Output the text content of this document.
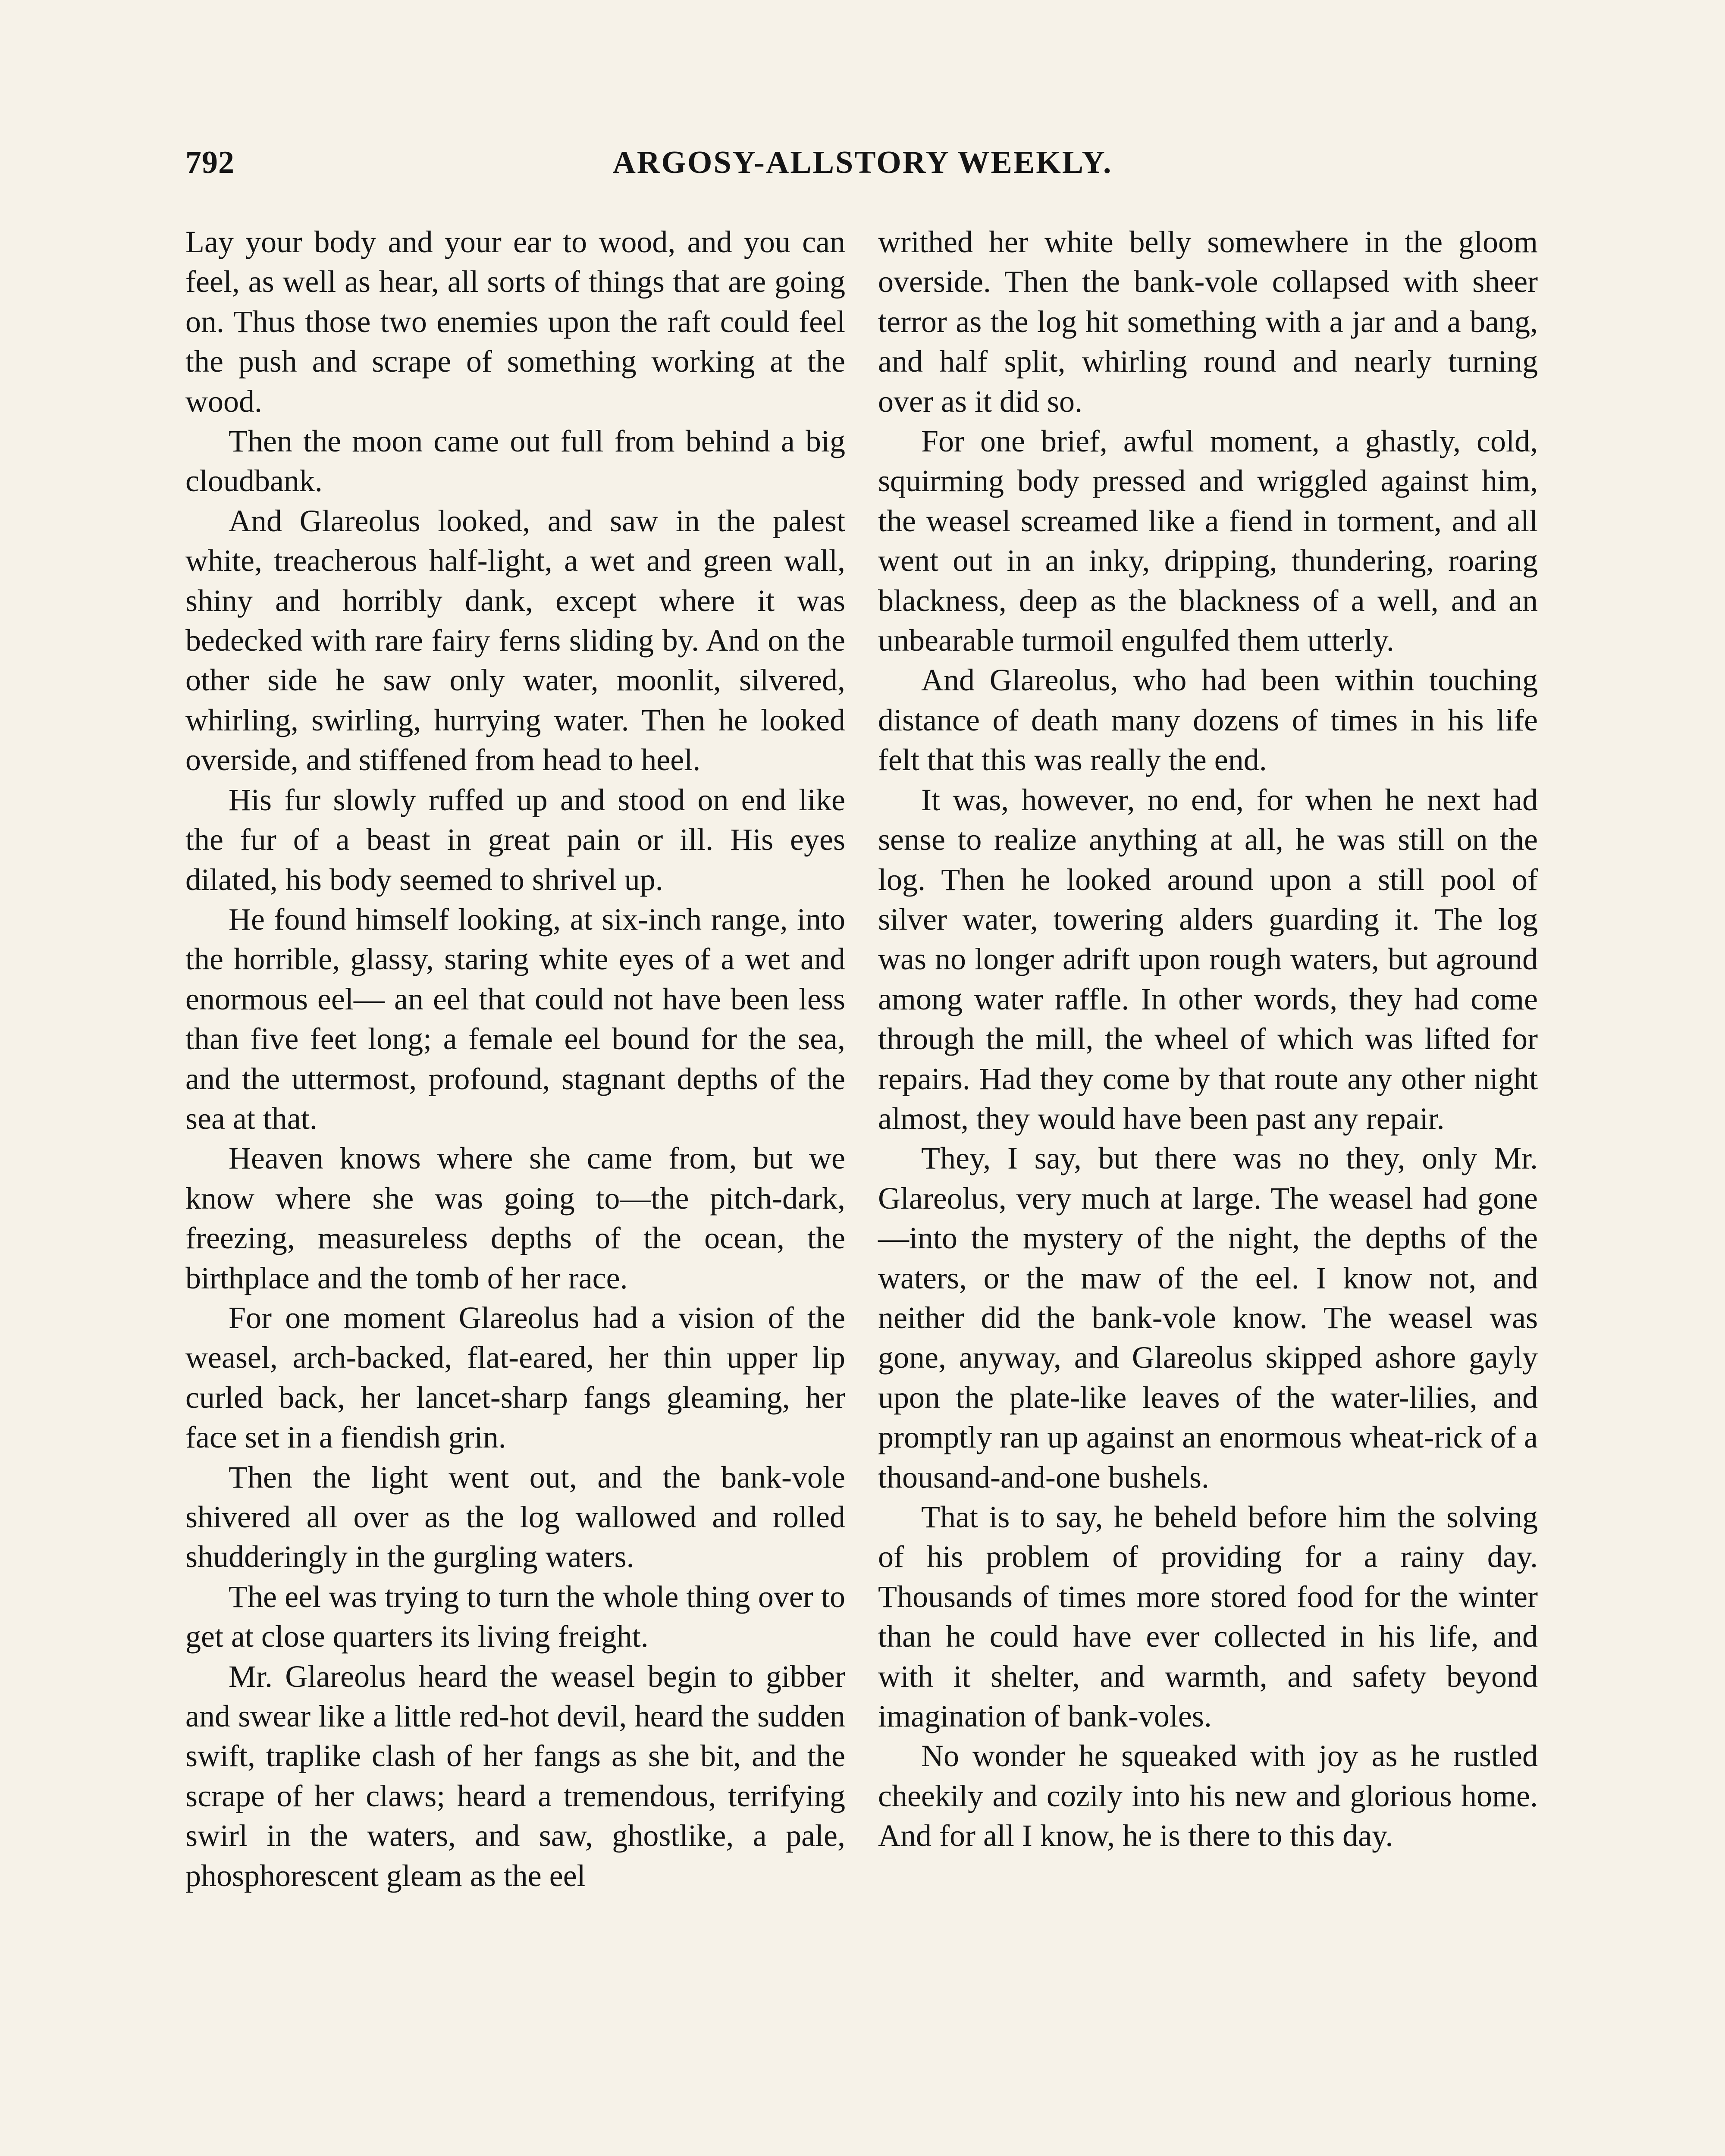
792	ARGOSY-ALLSTORY WEEKLY.

Lay your body and your ear to wood, and you can feel, as well as hear, all sorts of things that are going on. Thus those two enemies upon the raft could feel the push and scrape of something working at the wood.

Then the moon came out full from behind a big cloudbank.

And Glareolus looked, and saw in the palest white, treacherous half-light, a wet and green wall, shiny and horribly dank, except where it was bedecked with rare fairy ferns sliding by. And on the other side he saw only water, moonlit, silvered, whirling, swirling, hurrying water. Then he looked overside, and stiffened from head to heel.

His fur slowly ruffed up and stood on end like the fur of a beast in great pain or ill. His eyes dilated, his body seemed to shrivel up.

He found himself looking, at six-inch range, into the horrible, glassy, staring white eyes of a wet and enormous eel— an eel that could not have been less than five feet long; a female eel bound for the sea, and the uttermost, profound, stagnant depths of the sea at that.

Heaven knows where she came from, but we know where she was going to—the pitch-dark, freezing, measureless depths of the ocean, the birthplace and the tomb of her race.

For one moment Glareolus had a vision of the weasel, arch-backed, flat-eared, her thin upper lip curled back, her lancet-sharp fangs gleaming, her face set in a fiendish grin.

Then the light went out, and the bank-vole shivered all over as the log wallowed and rolled shudderingly in the gurgling waters.

The eel was trying to turn the whole thing over to get at close quarters its living freight.

Mr. Glareolus heard the weasel begin to gibber and swear like a little red-hot devil, heard the sudden swift, traplike clash of her fangs as she bit, and the scrape of her claws; heard a tremendous, terrifying swirl in the waters, and saw, ghostlike, a pale, phosphorescent gleam as the eel

writhed her white belly somewhere in the gloom overside. Then the bank-vole collapsed with sheer terror as the log hit something with a jar and a bang, and half split, whirling round and nearly turning over as it did so.

For one brief, awful moment, a ghastly, cold, squirming body pressed and wriggled against him, the weasel screamed like a fiend in torment, and all went out in an inky, dripping, thundering, roaring blackness, deep as the blackness of a well, and an unbearable turmoil engulfed them utterly.

And Glareolus, who had been within touching distance of death many dozens of times in his life felt that this was really the end.

It was, however, no end, for when he next had sense to realize anything at all, he was still on the log. Then he looked around upon a still pool of silver water, towering alders guarding it. The log was no longer adrift upon rough waters, but aground among water raffle. In other words, they had come through the mill, the wheel of which was lifted for repairs. Had they come by that route any other night almost, they would have been past any repair.

They, I say, but there was no they, only Mr. Glareolus, very much at large. The weasel had gone—into the mystery of the night, the depths of the waters, or the maw of the eel. I know not, and neither did the bank-vole know. The weasel was gone, anyway, and Glareolus skipped ashore gayly upon the plate-like leaves of the water-lilies, and promptly ran up against an enormous wheat-rick of a thousand-and-one bushels.

That is to say, he beheld before him the solving of his problem of providing for a rainy day. Thousands of times more stored food for the winter than he could have ever collected in his life, and with it shelter, and warmth, and safety beyond imagination of bank-voles.

No wonder he squeaked with joy as he rustled cheekily and cozily into his new and glorious home. And for all I know, he is there to this day.
